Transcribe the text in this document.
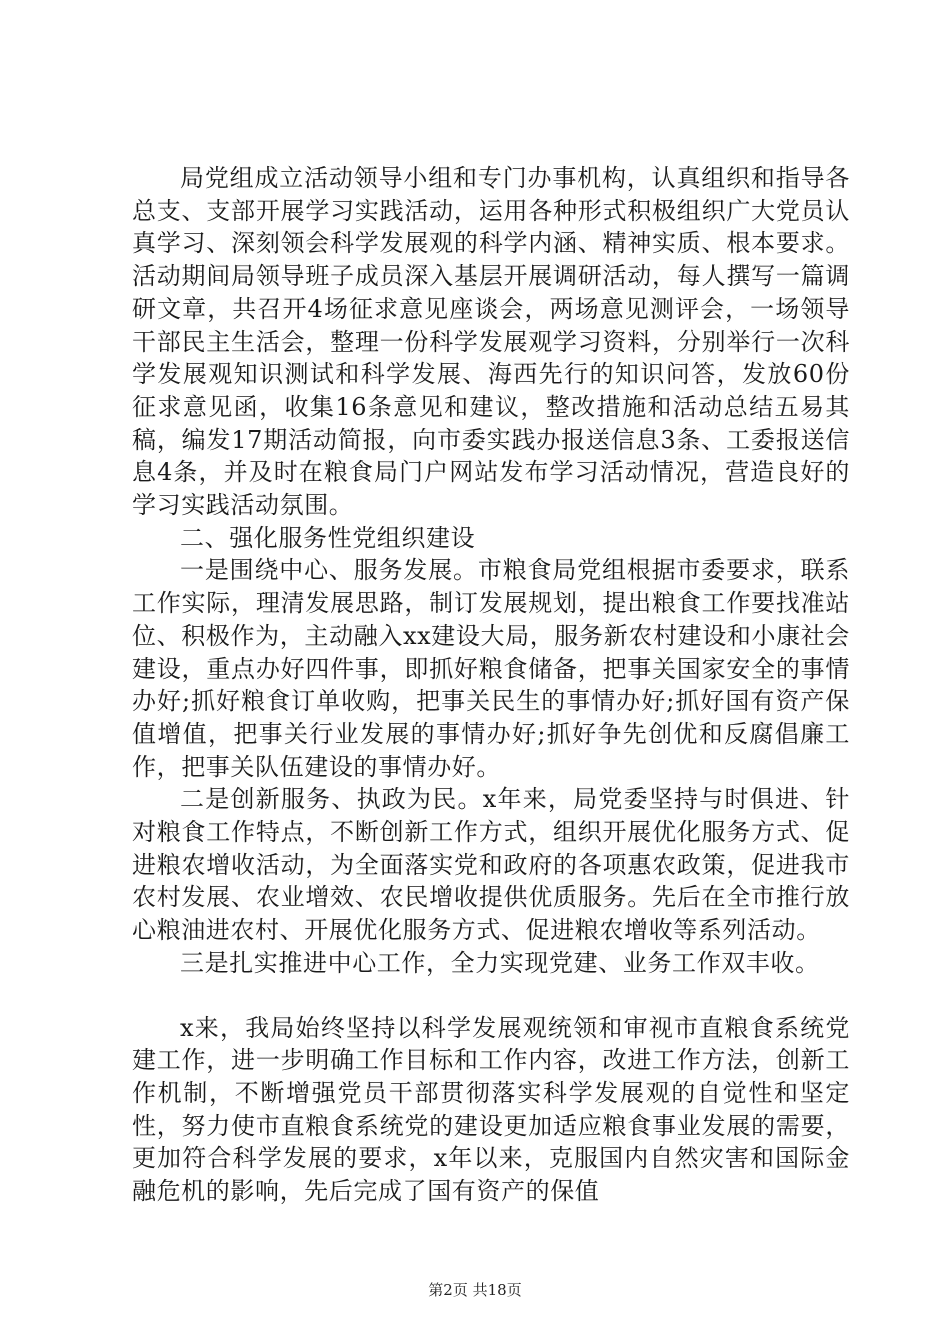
局党组成立活动领导小组和专门办事机构，认真组织和指导各总支、支部开展学习实践活动，运用各种形式积极组织广大党员认真学习、深刻领会科学发展观的科学内涵、精神实质、根本要求。活动期间局领导班子成员深入基层开展调研活动，每人撰写一篇调研文章，共召开4场征求意见座谈会，两场意见测评会，一场领导干部民主生活会，整理一份科学发展观学习资料，分别举行一次科学发展观知识测试和科学发展、海西先行的知识问答，发放60份征求意见函，收集16条意见和建议，整改措施和活动总结五易其稿，编发17期活动简报，向市委实践办报送信息3条、工委报送信息4条，并及时在粮食局门户网站发布学习活动情况，营造良好的学习实践活动氛围。

二、强化服务性党组织建设

一是围绕中心、服务发展。市粮食局党组根据市委要求，联系工作实际，理清发展思路，制订发展规划，提出粮食工作要找准站位、积极作为，主动融入xx建设大局，服务新农村建设和小康社会建设，重点办好四件事，即抓好粮食储备，把事关国家安全的事情办好;抓好粮食订单收购，把事关民生的事情办好;抓好国有资产保值增值，把事关行业发展的事情办好;抓好争先创优和反腐倡廉工作，把事关队伍建设的事情办好。

二是创新服务、执政为民。x年来，局党委坚持与时俱进、针对粮食工作特点，不断创新工作方式，组织开展优化服务方式、促进粮农增收活动，为全面落实党和政府的各项惠农政策，促进我市农村发展、农业增效、农民增收提供优质服务。先后在全市推行放心粮油进农村、开展优化服务方式、促进粮农增收等系列活动。

三是扎实推进中心工作，全力实现党建、业务工作双丰收。

x来，我局始终坚持以科学发展观统领和审视市直粮食系统党建工作，进一步明确工作目标和工作内容，改进工作方法，创新工作机制，不断增强党员干部贯彻落实科学发展观的自觉性和坚定性，努力使市直粮食系统党的建设更加适应粮食事业发展的需要，更加符合科学发展的要求，x年以来，克服国内自然灾害和国际金融危机的影响，先后完成了国有资产的保值

第2页 共18页
